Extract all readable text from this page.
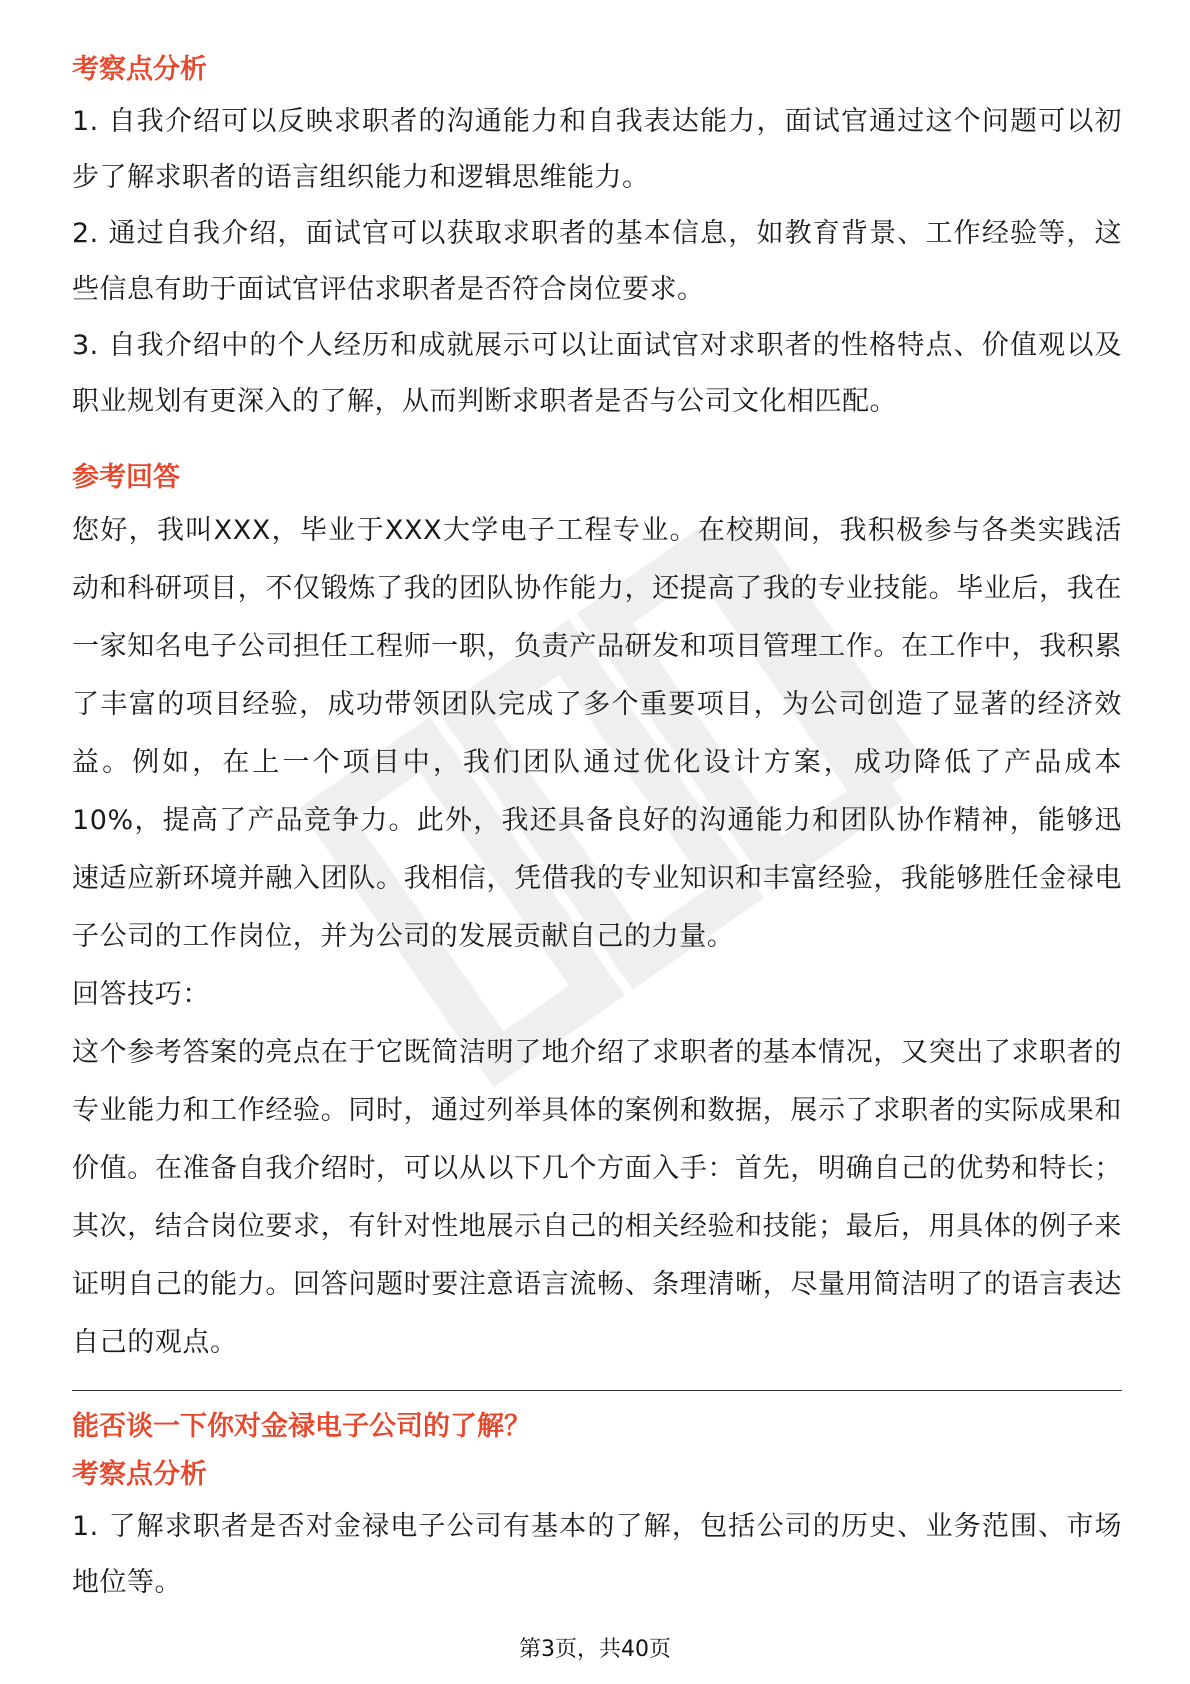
考察点分析

1. 自我介绍可以反映求职者的沟通能力和自我表达能力，面试官通过这个问题可以初步了解求职者的语言组织能力和逻辑思维能力。

2. 通过自我介绍，面试官可以获取求职者的基本信息，如教育背景、工作经验等，这些信息有助于面试官评估求职者是否符合岗位要求。

3. 自我介绍中的个人经历和成就展示可以让面试官对求职者的性格特点、价值观以及职业规划有更深入的了解，从而判断求职者是否与公司文化相匹配。

参考回答

您好，我叫XXX，毕业于XXX大学电子工程专业。在校期间，我积极参与各类实践活动和科研项目，不仅锻炼了我的团队协作能力，还提高了我的专业技能。毕业后，我在一家知名电子公司担任工程师一职，负责产品研发和项目管理工作。在工作中，我积累了丰富的项目经验，成功带领团队完成了多个重要项目，为公司创造了显著的经济效益。例如，在上一个项目中，我们团队通过优化设计方案，成功降低了产品成本10%，提高了产品竞争力。此外，我还具备良好的沟通能力和团队协作精神，能够迅速适应新环境并融入团队。我相信，凭借我的专业知识和丰富经验，我能够胜任金禄电子公司的工作岗位，并为公司的发展贡献自己的力量。

回答技巧：

这个参考答案的亮点在于它既简洁明了地介绍了求职者的基本情况，又突出了求职者的专业能力和工作经验。同时，通过列举具体的案例和数据，展示了求职者的实际成果和价值。在准备自我介绍时，可以从以下几个方面入手：首先，明确自己的优势和特长；其次，结合岗位要求，有针对性地展示自己的相关经验和技能；最后，用具体的例子来证明自己的能力。回答问题时要注意语言流畅、条理清晰，尽量用简洁明了的语言表达自己的观点。

能否谈一下你对金禄电子公司的了解？
考察点分析

1. 了解求职者是否对金禄电子公司有基本的了解，包括公司的历史、业务范围、市场地位等。

第3页，共40页
